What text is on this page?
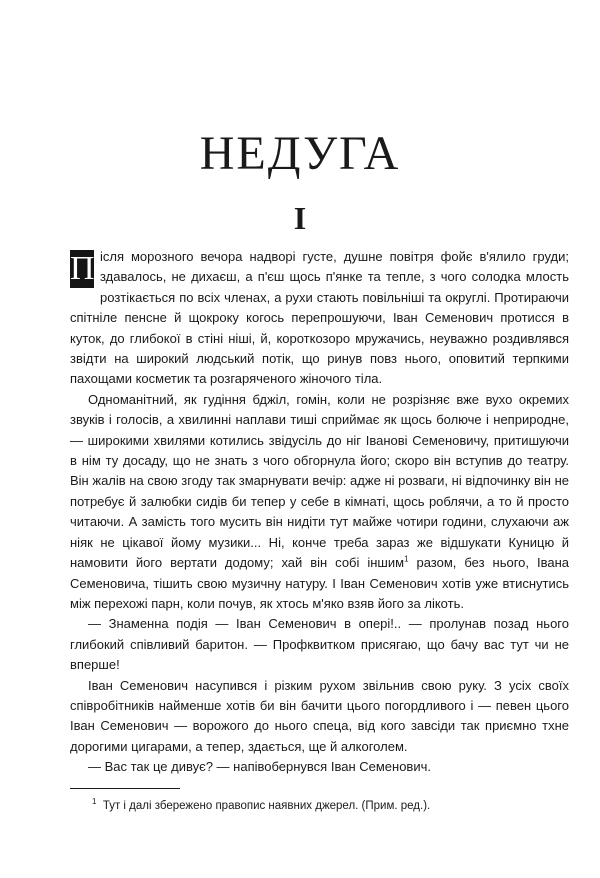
НЕДУГА
I

П ісля морозного вечора надворі густе, душне повітря фойє в'ялило груди; здавалось, не дихаєш, а п'єш щось п'янке та тепле, з чого солодка млость розтікається по всіх членах, а рухи стають повільніші та округлі. Протираючи спітніле пенсне й щокроку когось перепрошуючи, Іван Семенович протисся в куток, до глибокої в стіні ніші, й, короткозоро мружачись, неуважно роздивлявся звідти на широкий людський потік, що ринув повз нього, оповитий терпкими пахощами косметик та розгарячeного жіночого тіла.

Одноманітний, як гудіння бджіл, гомін, коли не розрізняє вже вухо окремих звуків і голосів, а хвилинні наплави тиші сприймає як щось болюче і неприродне, — широкими хвилями котились звідусіль до ніг Івановi Семеновичу, притишуючи в нім ту досаду, що не знать з чого обгорнула його; скоро він вступив до театру. Він жалів на свою згоду так змарнувати вечір: адже ні розваги, ні відпочинку він не потребує й залюбки сидів би тепер у себе в кімнаті, щось роблячи, а то й просто читаючи. А замість того мусить він нидіти тут майже чотири години, слухаючи аж ніяк не цікавої йому музики... Ні, конче треба зараз же відшукати Куницю й намовити його вертати додому; хай він собі іншим$^1$ разом, без нього, Івана Семеновича, тішить свою музичну натуру. І Іван Семенович хотів уже втиснутись між перехожі парн, коли почув, як хтось м'яко взяв його за лікоть.

— Знаменна подія — Іван Семенович в опері!.. — пролунав позад нього глибокий співливий баритон. — Профквитком присягаю, що бачу вас тут чи не вперше!

Іван Семенович насупився і різким рухом звільнив свою руку. З усіх своїх співробітників найменше хотів би він бачити цього погордливого і — певен цього Іван Семенович — ворожого до нього спеца, від кого завсіди так приємно тхне дорогими цигарами, а тепер, здається, ще й алкоголем.

— Вас так це дивує? — напівобернувся Іван Семенович.

$^1$ Тут і далі збережено правопис наявних джерел. (Прим. ред.).
